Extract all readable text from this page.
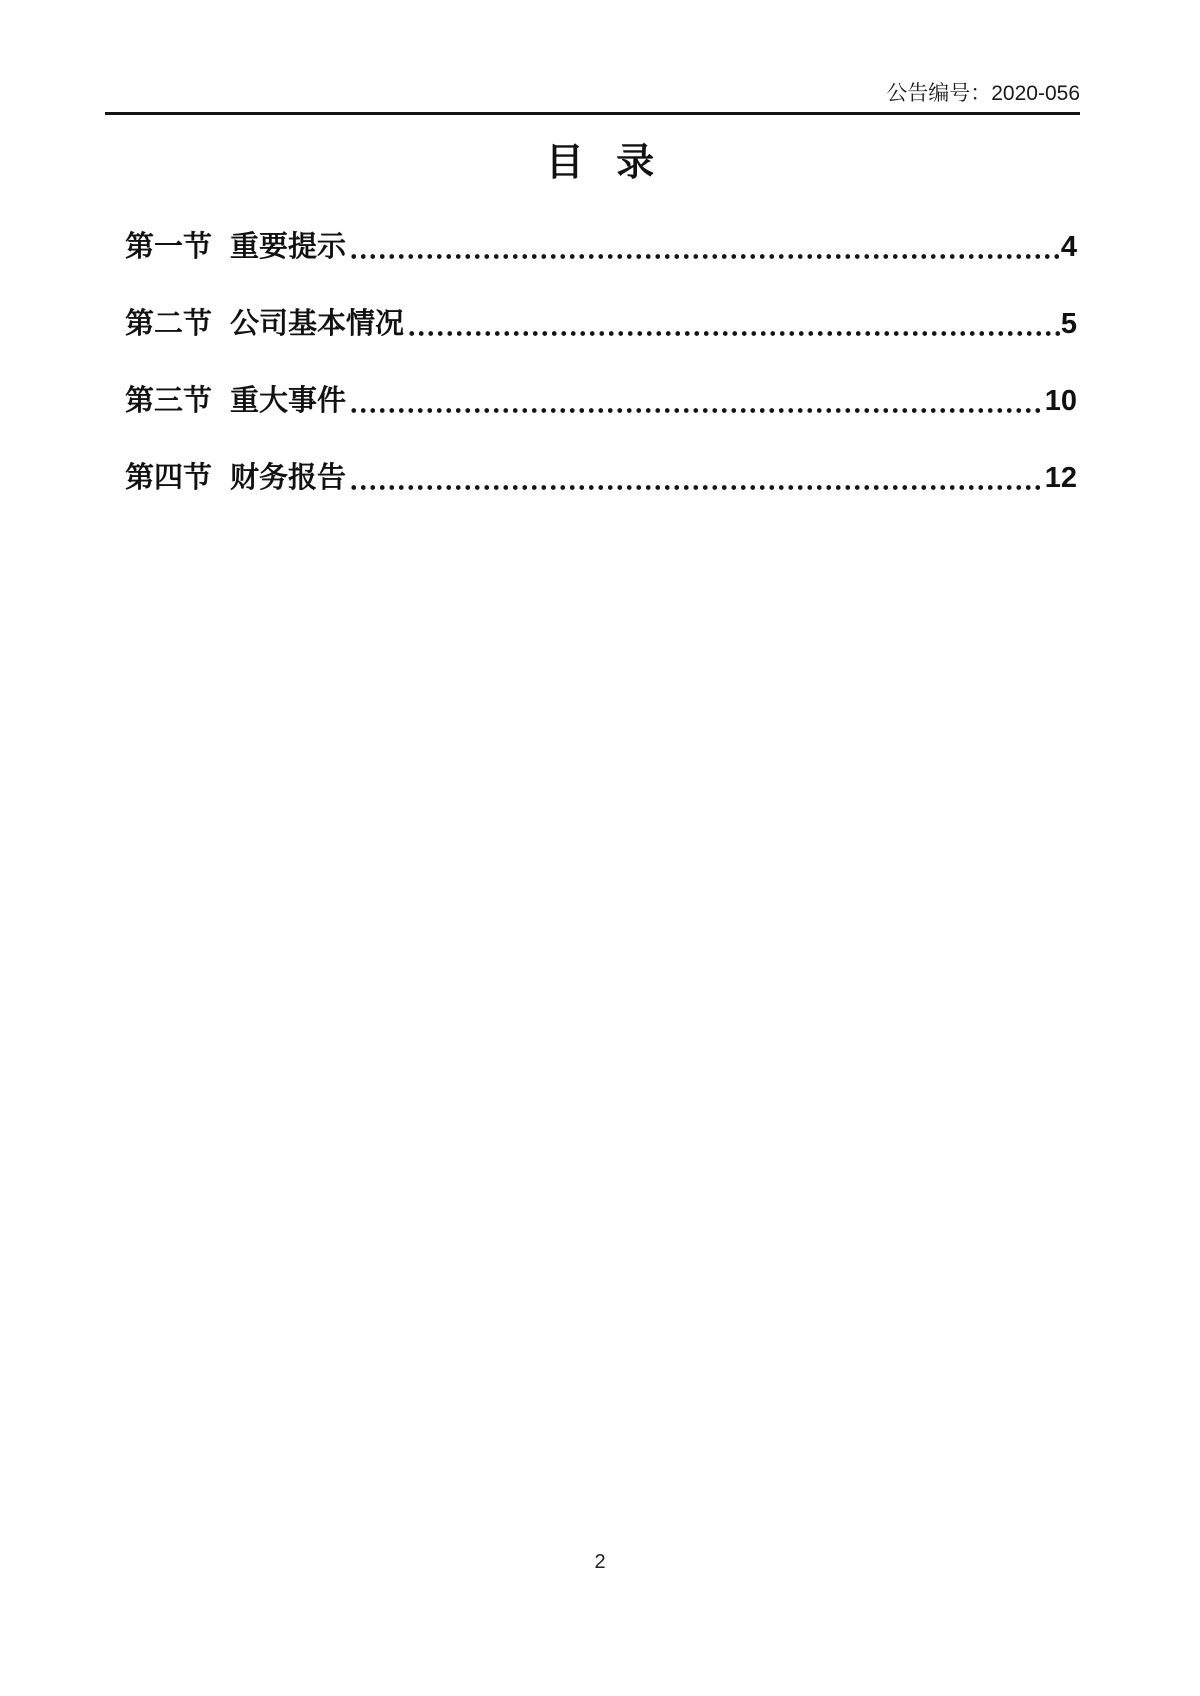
公告编号：2020-056
目 录
第一节 重要提示	4
第二节 公司基本情况	5
第三节 重大事件	10
第四节 财务报告	12
2
